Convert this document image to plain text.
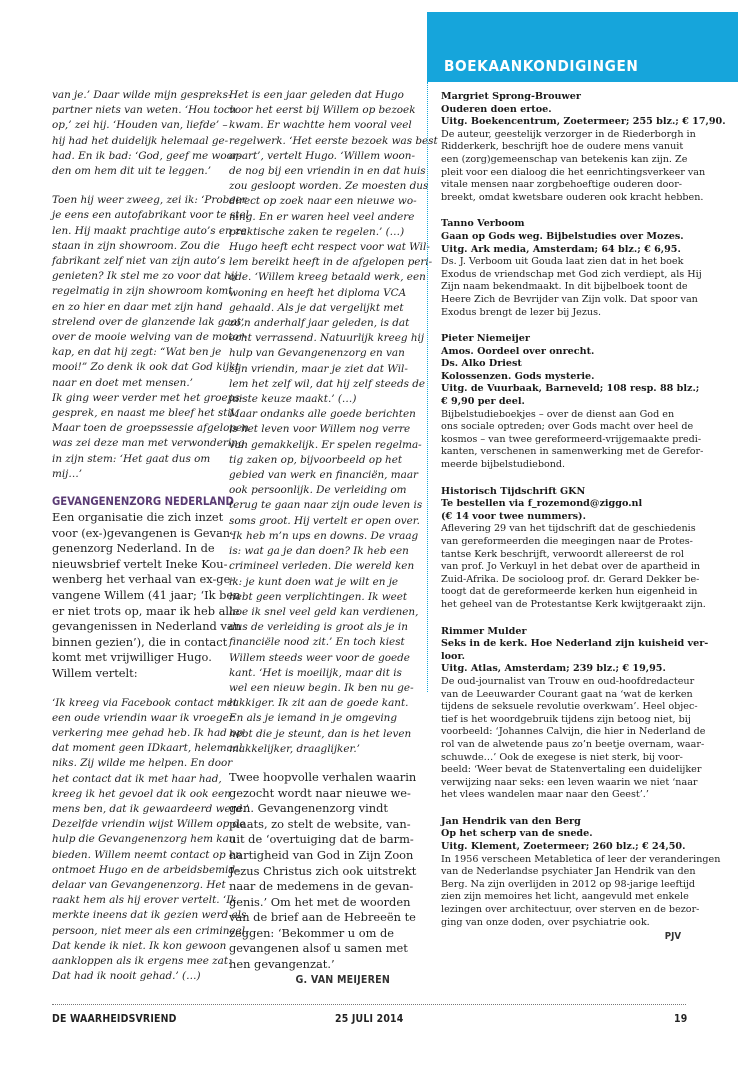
van je.’ Daar wilde mijn gespreks-
partner niets van weten. ‘Hou toch
op,’ zei hij. ‘Houden van, liefde’ –
hij had het duidelijk helemaal ge-
had. En ik bad: ‘God, geef me woor-
den om hem dit uit te leggen.’
Toen hij weer zweeg, zei ik: ‘Probeer
je eens een autofabrikant voor te stel-
len. Hij maakt prachtige auto’s en ze
staan in zijn showroom. Zou die
fabrikant zelf niet van zijn auto’s
genieten? Ik stel me zo voor dat hij
regelmatig in zijn showroom komt
en zo hier en daar met zijn hand
strelend over de glanzende lak gaat,
over de mooie welving van de motor-
kap, en dat hij zegt: “Wat ben je
mooi!” Zo denk ik ook dat God kijkt
naar en doet met mensen.’
Ik ging weer verder met het groeps-
gesprek, en naast me bleef het stil.
Maar toen de groepssessie afgelopen
was zei deze man met verwondering
in zijn stem: ‘Het gaat dus om
mij…’
GEVANGENENZORG NEDERLAND
Een organisatie die zich inzet
voor (ex-)gevangenen is Gevan-
genenzorg Nederland. In de
nieuwsbrief vertelt Ineke Kou-
wenberg het verhaal van ex-ge-
vangene Willem (41 jaar; ‘Ik ben
er niet trots op, maar ik heb alle
gevangenissen in Nederland van
binnen gezien’), die in contact
komt met vrijwilliger Hugo.
Willem vertelt:
‘Ik kreeg via Facebook contact met
een oude vriendin waar ik vroeger
verkering mee gehad heb. Ik had op
dat moment geen IDkaart, helemaal
niks. Zij wilde me helpen. En door
het contact dat ik met haar had,
kreeg ik het gevoel dat ik ook een
mens ben, dat ik gewaardeerd werd.’
Dezelfde vriendin wijst Willem op de
hulp die Gevangenenzorg hem kan
bieden. Willem neemt contact op en
ontmoet Hugo en de arbeidsbemid-
delaar van Gevangenenzorg. Het
raakt hem als hij erover vertelt. ‘Ik
merkte ineens dat ik gezien werd als
persoon, niet meer als een crimineel.
Dat kende ik niet. Ik kon gewoon
aankloppen als ik ergens mee zat.
Dat had ik nooit gehad.’ (…)
Het is een jaar geleden dat Hugo
voor het eerst bij Willem op bezoek
kwam. Er wachtte hem vooral veel
regelwerk. ‘Het eerste bezoek was best
apart’, vertelt Hugo. ‘Willem woon-
de nog bij een vriendin in en dat huis
zou gesloopt worden. Ze moesten dus
direct op zoek naar een nieuwe wo-
ning. En er waren heel veel andere
praktische zaken te regelen.’ (…)
Hugo heeft echt respect voor wat Wil-
lem bereikt heeft in de afgelopen peri-
ode. ‘Willem kreeg betaald werk, een
woning en heeft het diploma VCA
gehaald. Als je dat vergelijkt met
zo’n anderhalf jaar geleden, is dat
echt verrassend. Natuurlijk kreeg hij
hulp van Gevangenenzorg en van
zijn vriendin, maar je ziet dat Wil-
lem het zelf wil, dat hij zelf steeds de
juiste keuze maakt.’ (…)
Maar ondanks alle goede berichten
is het leven voor Willem nog verre
van gemakkelijk. Er spelen regelma-
tig zaken op, bijvoorbeeld op het
gebied van werk en financiën, maar
ook persoonlijk. De verleiding om
terug te gaan naar zijn oude leven is
soms groot. Hij vertelt er open over.
‘Ik heb m’n ups en downs. De vraag
is: wat ga je dan doen? Ik heb een
crimineel verleden. Die wereld ken
ik: je kunt doen wat je wilt en je
hebt geen verplichtingen. Ik weet
hoe ik snel veel geld kan verdienen,
dus de verleiding is groot als je in
financiële nood zit.’ En toch kiest
Willem steeds weer voor de goede
kant. ‘Het is moeilijk, maar dit is
wel een nieuw begin. Ik ben nu ge-
lukkiger. Ik zit aan de goede kant.
En als je iemand in je omgeving
hebt die je steunt, dan is het leven
makkelijker, draaglijker.’
Twee hoopvolle verhalen waarin
gezocht wordt naar nieuwe we-
gen. Gevangenenzorg vindt
plaats, zo stelt de website, van-
uit de ‘overtuiging dat de barm-
hartigheid van God in Zijn Zoon
Jezus Christus zich ook uitstrekt
naar de medemens in de gevan-
genis.’ Om het met de woorden
van de brief aan de Hebreeën te
zeggen: ‘Bekommer u om de
gevangenen alsof u samen met
hen gevangenzat.’
G. VAN MEIJEREN
BOEKAANKONDIGINGEN
Margriet Sprong-Brouwer
Ouderen doen ertoe.
Uitg. Boekencentrum, Zoetermeer; 255 blz.; € 17,90.
De auteur, geestelijk verzorger in de Riederborgh in
Ridderkerk, beschrijft hoe de oudere mens vanuit
een (zorg)gemeenschap van betekenis kan zijn. Ze
pleit voor een dialoog die het eenrichtingsverkeer van
vitale mensen naar zorgbehoeftige ouderen door-
breekt, omdat kwetsbare ouderen ook kracht hebben.
Tanno Verboom
Gaan op Gods weg. Bijbelstudies over Mozes.
Uitg. Ark media, Amsterdam; 64 blz.; € 6,95.
Ds. J. Verboom uit Gouda laat zien dat in het boek
Exodus de vriendschap met God zich verdiept, als Hij
Zijn naam bekendmaakt. In dit bijbelboek toont de
Heere Zich de Bevrijder van Zijn volk. Dat spoor van
Exodus brengt de lezer bij Jezus.
Pieter Niemeijer
Amos. Oordeel over onrecht.
Ds. Alko Driest
Kolossenzen. Gods mysterie.
Uitg. de Vuurbaak, Barneveld; 108 resp. 88 blz.;
€ 9,90 per deel.
Bijbelstudieboekjes – over de dienst aan God en
ons sociale optreden; over Gods macht over heel de
kosmos – van twee gereformeerd-vrijgemaakte predi-
kanten, verschenen in samenwerking met de Gerefor-
meerde bijbelstudiebond.
Historisch Tijdschrift GKN
Te bestellen via f_rozemond@ziggo.nl
(€ 14 voor twee nummers).
Aflevering 29 van het tijdschrift dat de geschiedenis
van gereformeerden die meegingen naar de Protes-
tantse Kerk beschrijft, verwoordt allereerst de rol
van prof. Jo Verkuyl in het debat over de apartheid in
Zuid-Afrika. De socioloog prof. dr. Gerard Dekker be-
toogt dat de gereformeerde kerken hun eigenheid in
het geheel van de Protestantse Kerk kwijtgeraakt zijn.
Rimmer Mulder
Seks in de kerk. Hoe Nederland zijn kuisheid ver-
loor.
Uitg. Atlas, Amsterdam; 239 blz.; € 19,95.
De oud-journalist van Trouw en oud-hoofdredacteur
van de Leeuwarder Courant gaat na ‘wat de kerken
tijdens de seksuele revolutie overkwam’. Heel objec-
tief is het woordgebruik tijdens zijn betoog niet, bij
voorbeeld: ‘Johannes Calvijn, die hier in Nederland de
rol van de alwetende paus zo’n beetje overnam, waar-
schuwde…’ Ook de exegese is niet sterk, bij voor-
beeld: ‘Weer bevat de Statenvertaling een duidelijker
verwijzing naar seks: een leven waarin we niet ‘naar
het vlees wandelen maar naar den Geest’.’
Jan Hendrik van den Berg
Op het scherp van de snede.
Uitg. Klement, Zoetermeer; 260 blz.; € 24,50.
In 1956 verscheen Metabletica of leer der veranderingen
van de Nederlandse psychiater Jan Hendrik van den
Berg. Na zijn overlijden in 2012 op 98-jarige leeftijd
zien zijn memoires het licht, aangevuld met enkele
lezingen over architectuur, over sterven en de bezor-
ging van onze doden, over psychiatrie ook.
PJV
DE WAARHEIDSVRIEND	25 JULI 2014	19
